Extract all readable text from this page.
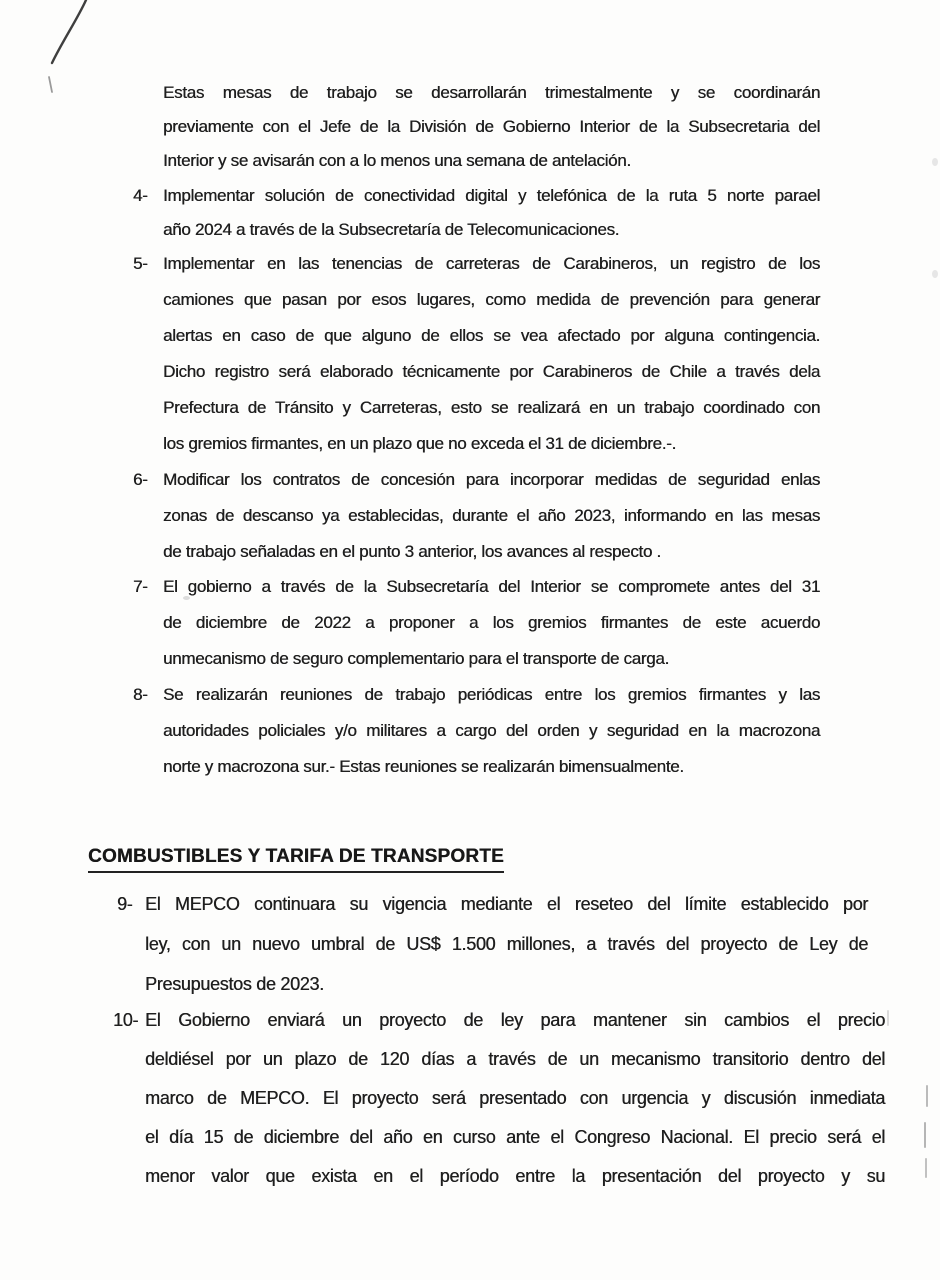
Estas mesas de trabajo se desarrollarán trimestalmente y se coordinarán
previamente con el Jefe de la División de Gobierno Interior de la Subsecretaria del
Interior y se avisarán con a lo menos una semana de antelación.
4- Implementar solución de conectividad digital y telefónica de la ruta 5 norte parael
año 2024 a través de la Subsecretaría de Telecomunicaciones.
5- Implementar en las tenencias de carreteras de Carabineros, un registro de los
camiones que pasan por esos lugares, como medida de prevención para generar
alertas en caso de que alguno de ellos se vea afectado por alguna contingencia.
Dicho registro será elaborado técnicamente por Carabineros de Chile a través dela
Prefectura de Tránsito y Carreteras, esto se realizará en un trabajo coordinado con
los gremios firmantes, en un plazo que no exceda el 31 de diciembre.-.
6- Modificar los contratos de concesión para incorporar medidas de seguridad enlas
zonas de descanso ya establecidas, durante el año 2023, informando en las mesas
de trabajo señaladas en el punto 3 anterior, los avances al respecto .
7- El gobierno a través de la Subsecretaría del Interior se compromete antes del 31
de diciembre de 2022 a proponer a los gremios firmantes de este acuerdo
unmecanismo de seguro complementario para el transporte de carga.
8- Se realizarán reuniones de trabajo periódicas entre los gremios firmantes y las
autoridades policiales y/o militares a cargo del orden y seguridad en la macrozona
norte y macrozona sur.- Estas reuniones se realizarán bimensualmente.
COMBUSTIBLES Y TARIFA DE TRANSPORTE
9- El MEPCO continuara su vigencia mediante el reseteo del límite establecido por
ley, con un nuevo umbral de US$ 1.500 millones, a través del proyecto de Ley de
Presupuestos de 2023.
10- El Gobierno enviará un proyecto de ley para mantener sin cambios el precio
deldiésel por un plazo de 120 días a través de un mecanismo transitorio dentro del
marco de MEPCO. El proyecto será presentado con urgencia y discusión inmediata
el día 15 de diciembre del año en curso ante el Congreso Nacional. El precio será el
menor valor que exista en el período entre la presentación del proyecto y su
